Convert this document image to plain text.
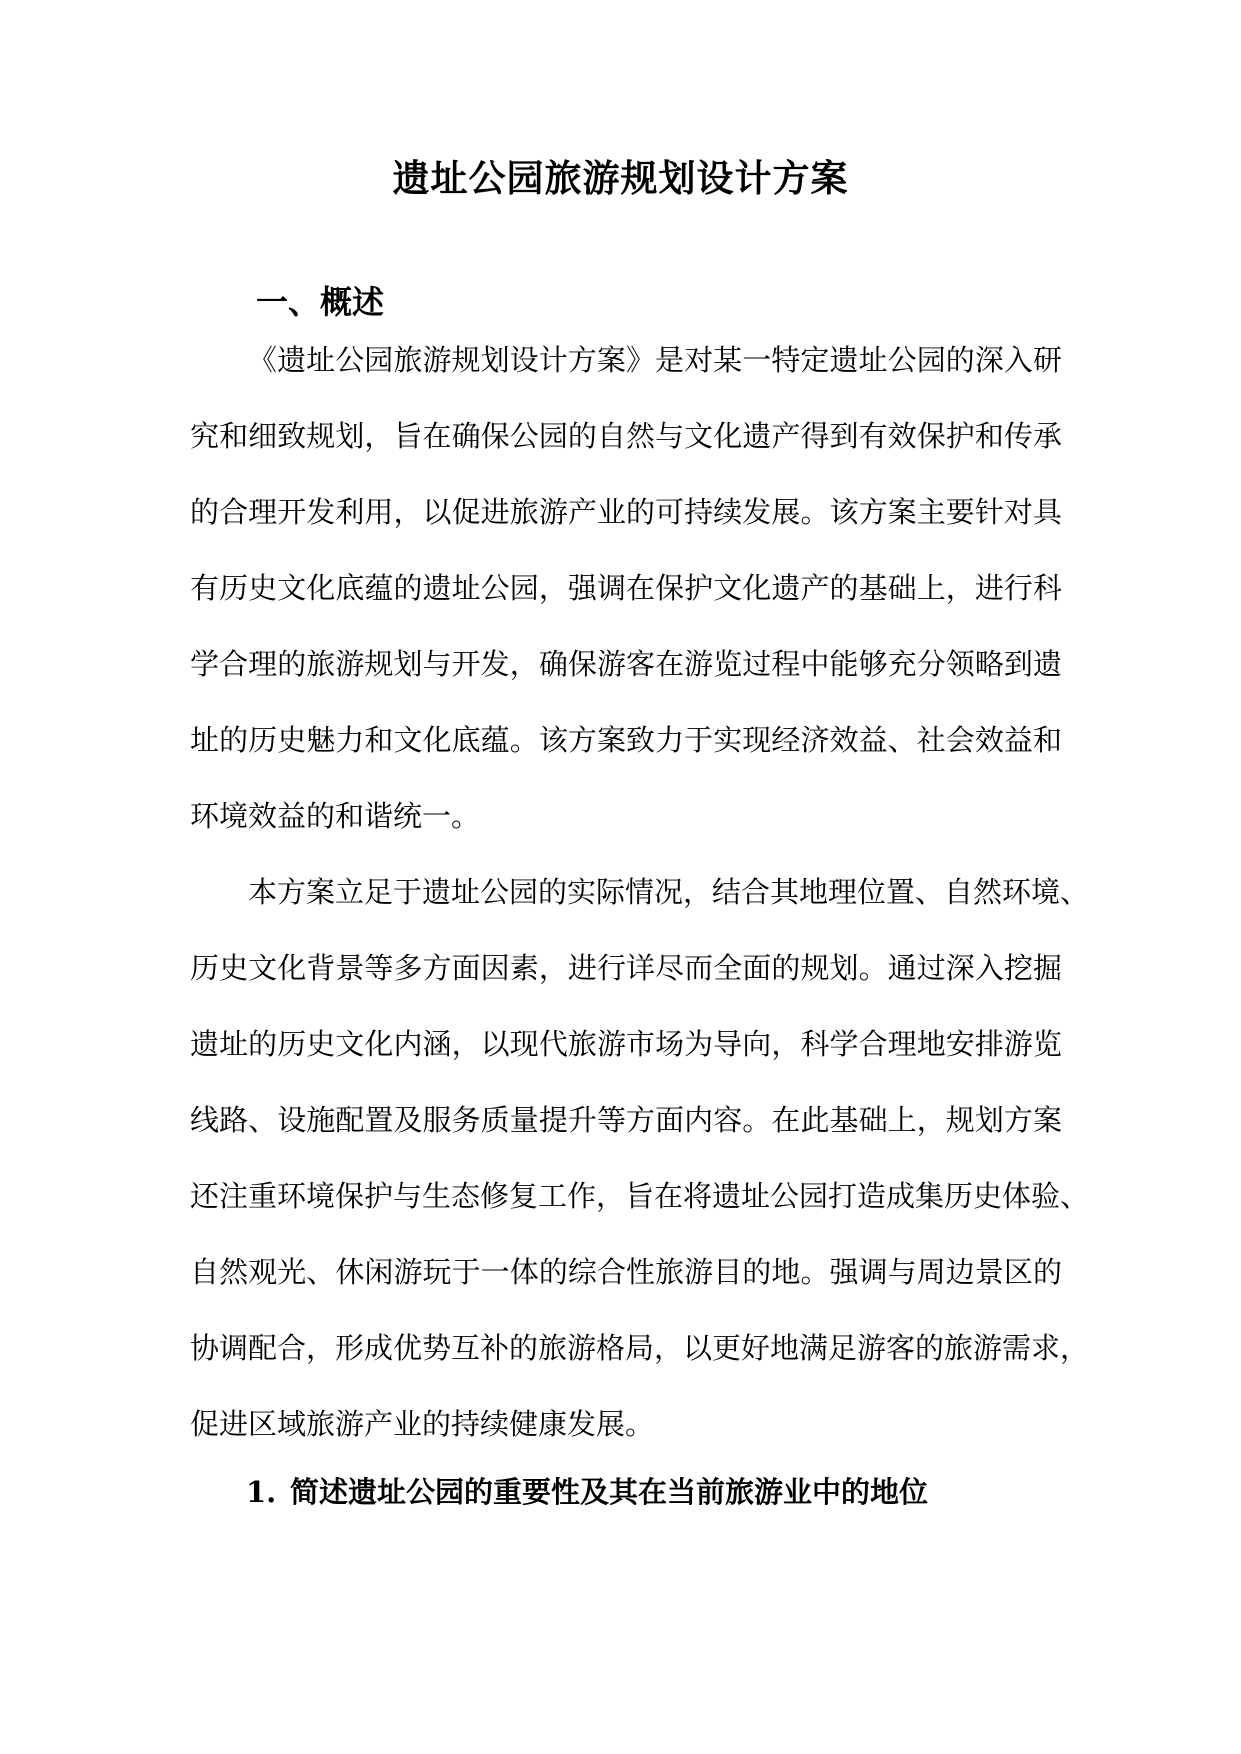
遗址公园旅游规划设计方案
一、概述
《遗址公园旅游规划设计方案》是对某一特定遗址公园的深入研
究和细致规划，旨在确保公园的自然与文化遗产得到有效保护和传承
的合理开发利用，以促进旅游产业的可持续发展。该方案主要针对具
有历史文化底蕴的遗址公园，强调在保护文化遗产的基础上，进行科
学合理的旅游规划与开发，确保游客在游览过程中能够充分领略到遗
址的历史魅力和文化底蕴。该方案致力于实现经济效益、社会效益和
环境效益的和谐统一。
本方案立足于遗址公园的实际情况，结合其地理位置、自然环境、
历史文化背景等多方面因素，进行详尽而全面的规划。通过深入挖掘
遗址的历史文化内涵，以现代旅游市场为导向，科学合理地安排游览
线路、设施配置及服务质量提升等方面内容。在此基础上，规划方案
还注重环境保护与生态修复工作，旨在将遗址公园打造成集历史体验、
自然观光、休闲游玩于一体的综合性旅游目的地。强调与周边景区的
协调配合，形成优势互补的旅游格局，以更好地满足游客的旅游需求，
促进区域旅游产业的持续健康发展。
1. 简述遗址公园的重要性及其在当前旅游业中的地位
